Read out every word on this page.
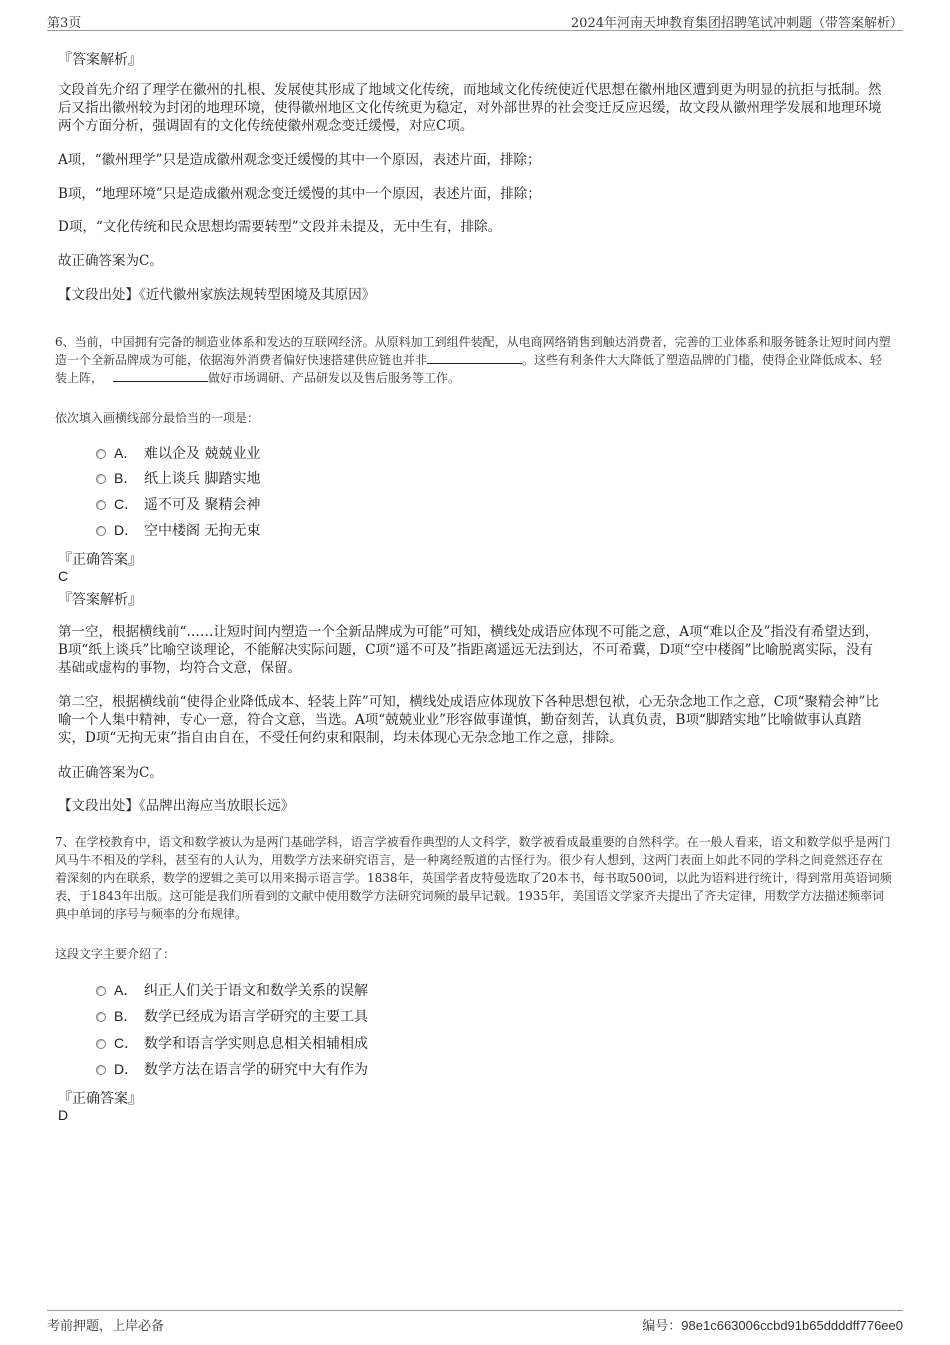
第3页	2024年河南天坤教育集团招聘笔试冲刺题（带答案解析）
『答案解析』

文段首先介绍了理学在徽州的扎根、发展使其形成了地域文化传统，而地域文化传统使近代思想在徽州地区遭到更为明显的抗拒与抵制。然后又指出徽州较为封闭的地理环境，使得徽州地区文化传统更为稳定，对外部世界的社会变迁反应迟缓，故文段从徽州理学发展和地理环境两个方面分析，强调固有的文化传统使徽州观念变迁缓慢，对应C项。

A项，“徽州理学”只是造成徽州观念变迁缓慢的其中一个原因，表述片面，排除；

B项，“地理环境”只是造成徽州观念变迁缓慢的其中一个原因，表述片面，排除；

D项，“文化传统和民众思想均需要转型”文段并未提及，无中生有，排除。

故正确答案为C。

【文段出处】《近代徽州家族法规转型困境及其原因》

6、当前，中国拥有完备的制造业体系和发达的互联网经济。从原料加工到组件装配，从电商网络销售到触达消费者，完善的工业体系和服务链条让短时间内塑造一个全新品牌成为可能，依据海外消费者偏好快速搭建供应链也并非	。这些有利条件大大降低了塑造品牌的门槛，使得企业降低成本、轻装上阵，	做好市场调研、产品研发以及售后服务等工作。

依次填入画横线部分最恰当的一项是：

A． 难以企及 兢兢业业
B． 纸上谈兵 脚踏实地
C． 遥不可及 聚精会神
D． 空中楼阁 无拘无束
『正确答案』
C
『答案解析』

第一空，根据横线前“……让短时间内塑造一个全新品牌成为可能”可知，横线处成语应体现不可能之意，A项“难以企及”指没有希望达到，B项“纸上谈兵”比喻空谈理论，不能解决实际问题，C项“遥不可及”指距离遥远无法到达，不可希冀，D项“空中楼阁”比喻脱离实际，没有基础或虚构的事物，均符合文意，保留。

第二空，根据横线前“使得企业降低成本、轻装上阵”可知，横线处成语应体现放下各种思想包袱，心无杂念地工作之意，C项“聚精会神”比喻一个人集中精神，专心一意，符合文意，当选。A项“兢兢业业”形容做事谨慎，勤奋刻苦，认真负责，B项“脚踏实地”比喻做事认真踏实，D项“无拘无束”指自由自在，不受任何约束和限制，均未体现心无杂念地工作之意，排除。

故正确答案为C。

【文段出处】《品牌出海应当放眼长远》

7、在学校教育中，语文和数学被认为是两门基础学科，语言学被看作典型的人文科学，数学被看成最重要的自然科学。在一般人看来，语文和数学似乎是两门风马牛不相及的学科，甚至有的人认为，用数学方法来研究语言，是一种离经叛道的古怪行为。很少有人想到，这两门表面上如此不同的学科之间竟然还存在着深刻的内在联系，数学的逻辑之美可以用来揭示语言学。1838年，英国学者皮特曼选取了20本书，每书取500词，以此为语料进行统计，得到常用英语词频表，于1843年出版。这可能是我们所看到的文献中使用数学方法研究词频的最早记载。1935年，美国语文学家齐夫提出了齐夫定律，用数学方法描述频率词典中单词的序号与频率的分布规律。

这段文字主要介绍了：

A． 纠正人们关于语文和数学关系的误解
B． 数学已经成为语言学研究的主要工具
C． 数学和语言学实则息息相关相辅相成
D． 数学方法在语言学的研究中大有作为
『正确答案』
D
考前押题，上岸必备	编号：98e1c663006ccbd91b65ddddff776ee0
